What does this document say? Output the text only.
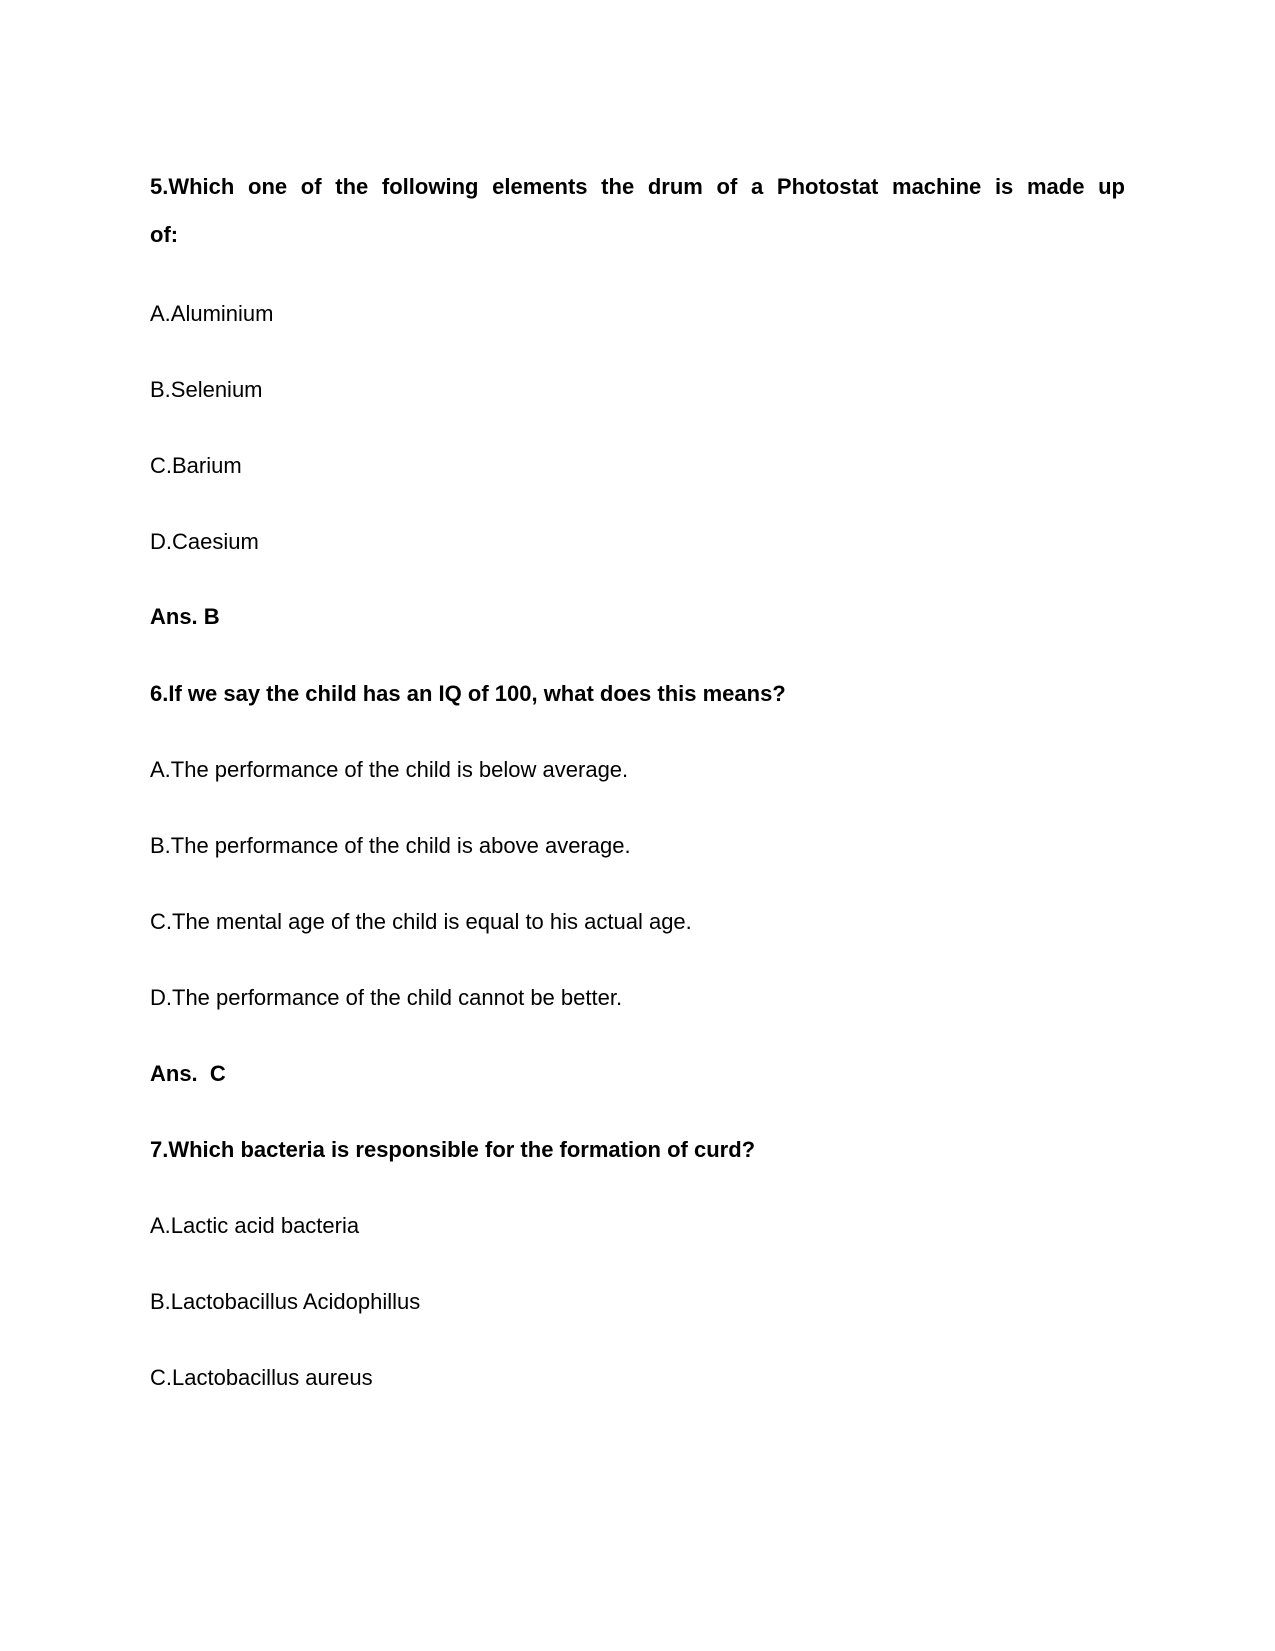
5.Which one of the following elements the drum of a Photostat machine is made up
of:
A.Aluminium
B.Selenium
C.Barium
D.Caesium
Ans. B
6.If we say the child has an IQ of 100, what does this means?
A.The performance of the child is below average.
B.The performance of the child is above average.
C.The mental age of the child is equal to his actual age.
D.The performance of the child cannot be better.
Ans.  C
7.Which bacteria is responsible for the formation of curd?
A.Lactic acid bacteria
B.Lactobacillus Acidophillus
C.Lactobacillus aureus
